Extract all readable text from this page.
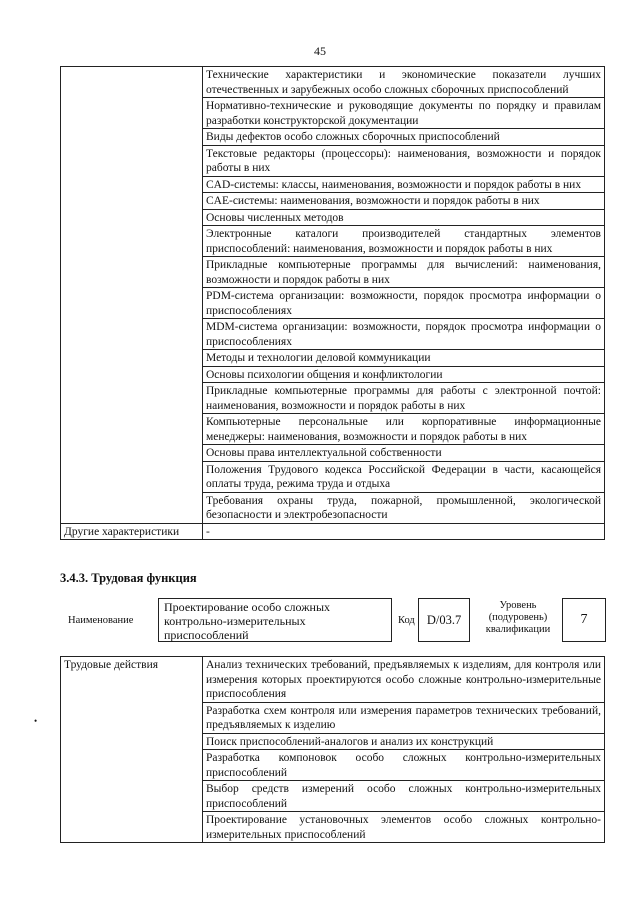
45
	Технические характеристики и экономические показатели лучших отечественных и зарубежных особо сложных сборочных приспособлений
	Нормативно-технические и руководящие документы по порядку и правилам разработки конструкторской документации
	Виды дефектов особо сложных сборочных приспособлений
	Текстовые редакторы (процессоры): наименования, возможности и порядок работы в них
	CAD-системы: классы, наименования, возможности и порядок работы в них
	CAE-системы: наименования, возможности и порядок работы в них
	Основы численных методов
	Электронные каталоги производителей стандартных элементов приспособлений: наименования, возможности и порядок работы в них
	Прикладные компьютерные программы для вычислений: наименования, возможности и порядок работы в них
	PDM-система организации: возможности, порядок просмотра информации о приспособлениях
	MDM-система организации: возможности, порядок просмотра информации о приспособлениях
	Методы и технологии деловой коммуникации
	Основы психологии общения и конфликтологии
	Прикладные компьютерные программы для работы с электронной почтой: наименования, возможности и порядок работы в них
	Компьютерные персональные или корпоративные информационные менеджеры: наименования, возможности и порядок работы в них
	Основы права интеллектуальной собственности
	Положения Трудового кодекса Российской Федерации в части, касающейся оплаты труда, режима труда и отдыха
	Требования охраны труда, пожарной, промышленной, экологической безопасности и электробезопасности
Другие характеристики	-
3.4.3. Трудовая функция
Наименование
Проектирование особо сложных контрольно-измерительных приспособлений
Код D/03.7
Уровень (подуровень) квалификации
7
•
Трудовые действия	Анализ технических требований, предъявляемых к изделиям, для контроля или измерения которых проектируются особо сложные контрольно-измерительные приспособления
Разработка схем контроля или измерения параметров технических требований, предъявляемых к изделию
Поиск приспособлений-аналогов и анализ их конструкций
Разработка компоновок особо сложных контрольно-измерительных приспособлений
Выбор средств измерений особо сложных контрольно-измерительных приспособлений
Проектирование установочных элементов особо сложных контрольно-измерительных приспособлений
